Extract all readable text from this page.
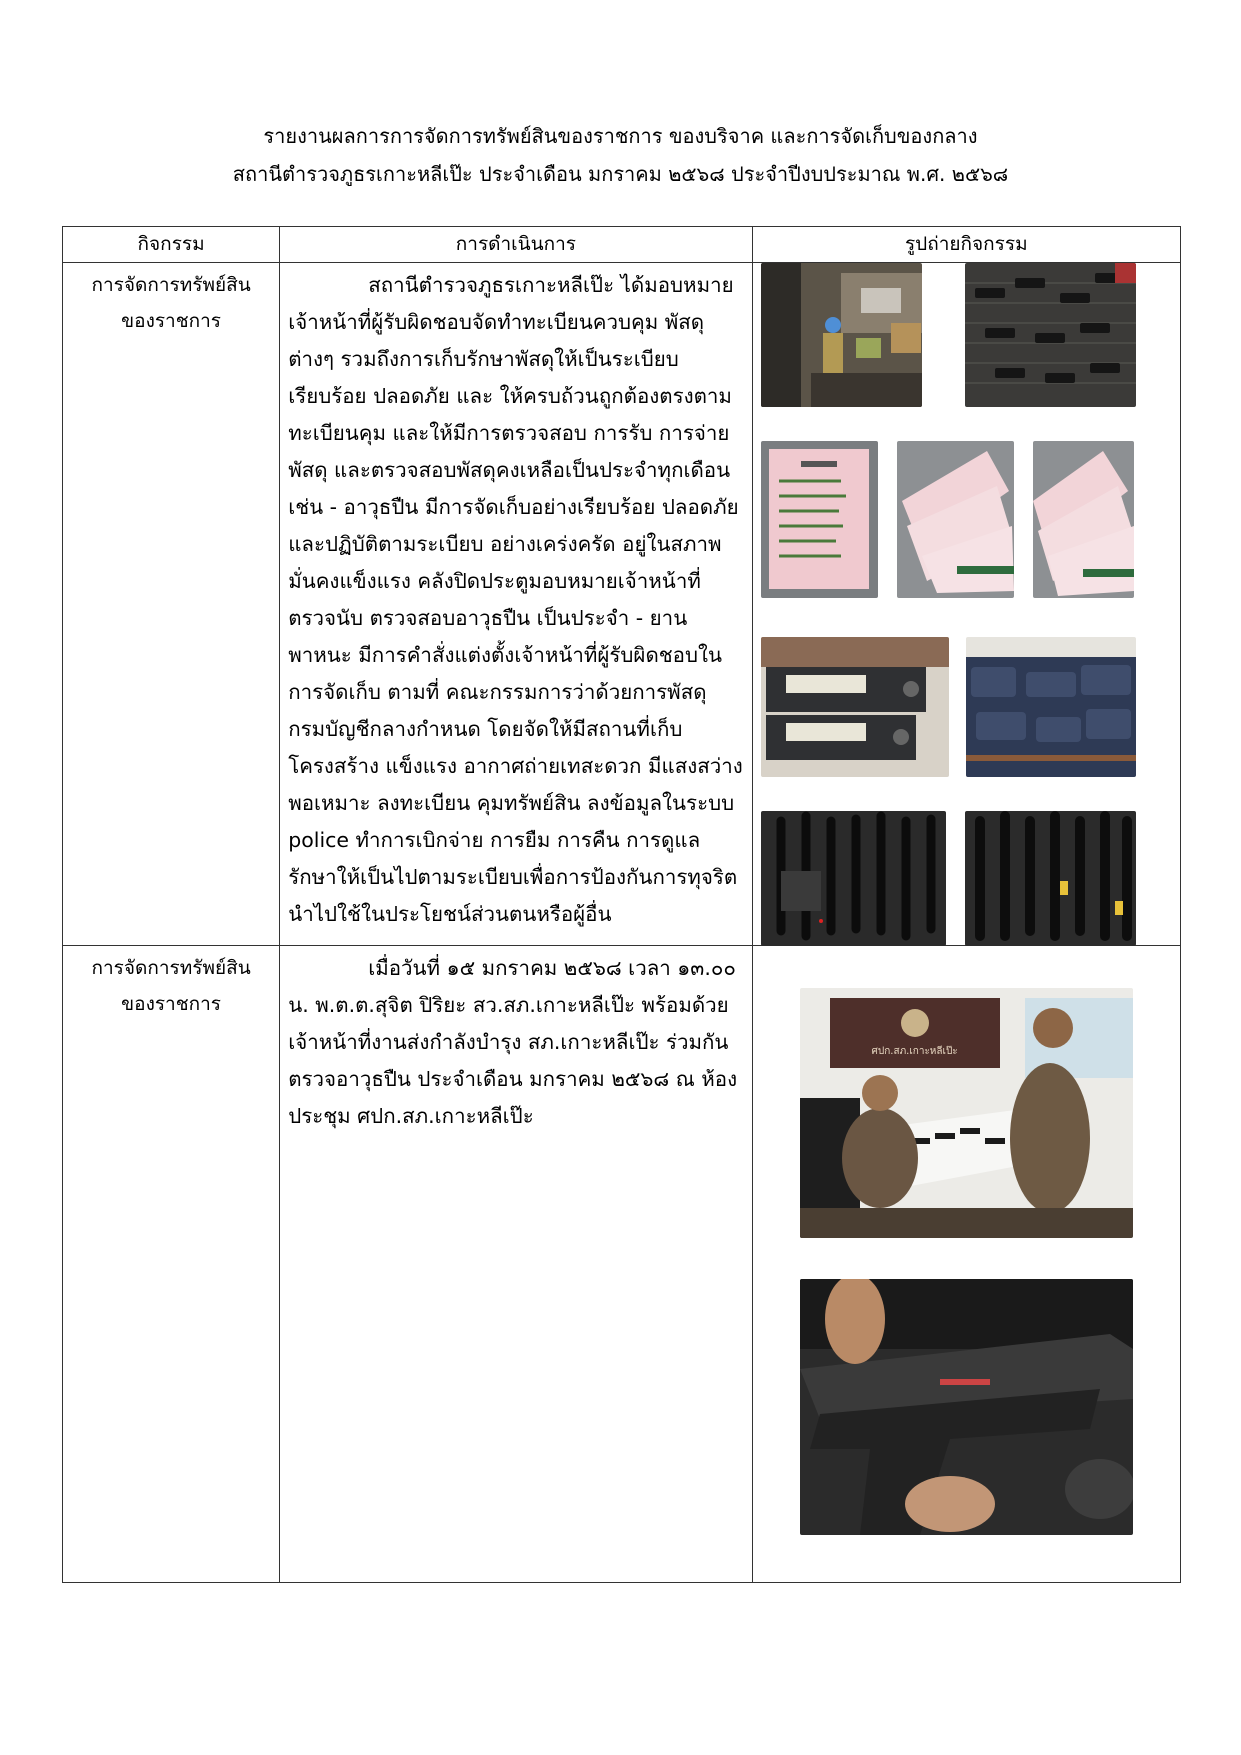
รายงานผลการการจัดการทรัพย์สินของราชการ ของบริจาค และการจัดเก็บของกลาง
สถานีตำรวจภูธรเกาะหลีเป๊ะ ประจำเดือน มกราคม ๒๕๖๘ ประจำปีงบประมาณ พ.ศ. ๒๕๖๘
กิจกรรม	การดำเนินการ	รูปถ่ายกิจกรรม

การจัดการทรัพย์สินของราชการ	สถานีตำรวจภูธรเกาะหลีเป๊ะ ได้มอบหมายเจ้าหน้าที่ผู้รับผิดชอบจัดทำทะเบียนควบคุม พัสดุต่างๆ รวมถึงการเก็บรักษาพัสดุให้เป็นระเบียบเรียบร้อย ปลอดภัย และ ให้ครบถ้วนถูกต้องตรงตามทะเบียนคุม และให้มีการตรวจสอบ การรับ การจ่ายพัสดุ และตรวจสอบพัสดุคงเหลือเป็นประจำทุกเดือน เช่น - อาวุธปืน มีการจัดเก็บอย่างเรียบร้อย ปลอดภัย และปฏิบัติตามระเบียบ อย่างเคร่งครัด อยู่ในสภาพมั่นคงแข็งแรง คลังปิดประตูมอบหมายเจ้าหน้าที่ตรวจนับ ตรวจสอบอาวุธปืน เป็นประจำ - ยานพาหนะ มีการคำสั่งแต่งตั้งเจ้าหน้าที่ผู้รับผิดชอบในการจัดเก็บ ตามที่ คณะกรรมการว่าด้วยการพัสดุ กรมบัญชีกลางกำหนด โดยจัดให้มีสถานที่เก็บโครงสร้าง แข็งแรง อากาศถ่ายเทสะดวก มีแสงสว่างพอเหมาะ ลงทะเบียน คุมทรัพย์สิน ลงข้อมูลในระบบ police ทำการเบิกจ่าย การยืม การคืน การดูแลรักษาให้เป็นไปตามระเบียบเพื่อการป้องกันการทุจริต นำไปใช้ในประโยชน์ส่วนตนหรือผู้อื่น

การจัดการทรัพย์สินของราชการ	เมื่อวันที่ ๑๕ มกราคม ๒๕๖๘ เวลา ๑๓.๐๐ น. พ.ต.ต.สุจิต ปิริยะ สว.สภ.เกาะหลีเป๊ะ พร้อมด้วยเจ้าหน้าที่งานส่งกำลังบำรุง สภ.เกาะหลีเป๊ะ ร่วมกันตรวจอาวุธปืน ประจำเดือน มกราคม ๒๕๖๘ ณ ห้องประชุม ศปก.สภ.เกาะหลีเป๊ะ	ศปก.สภ.เกาะหลีเป๊ะ
